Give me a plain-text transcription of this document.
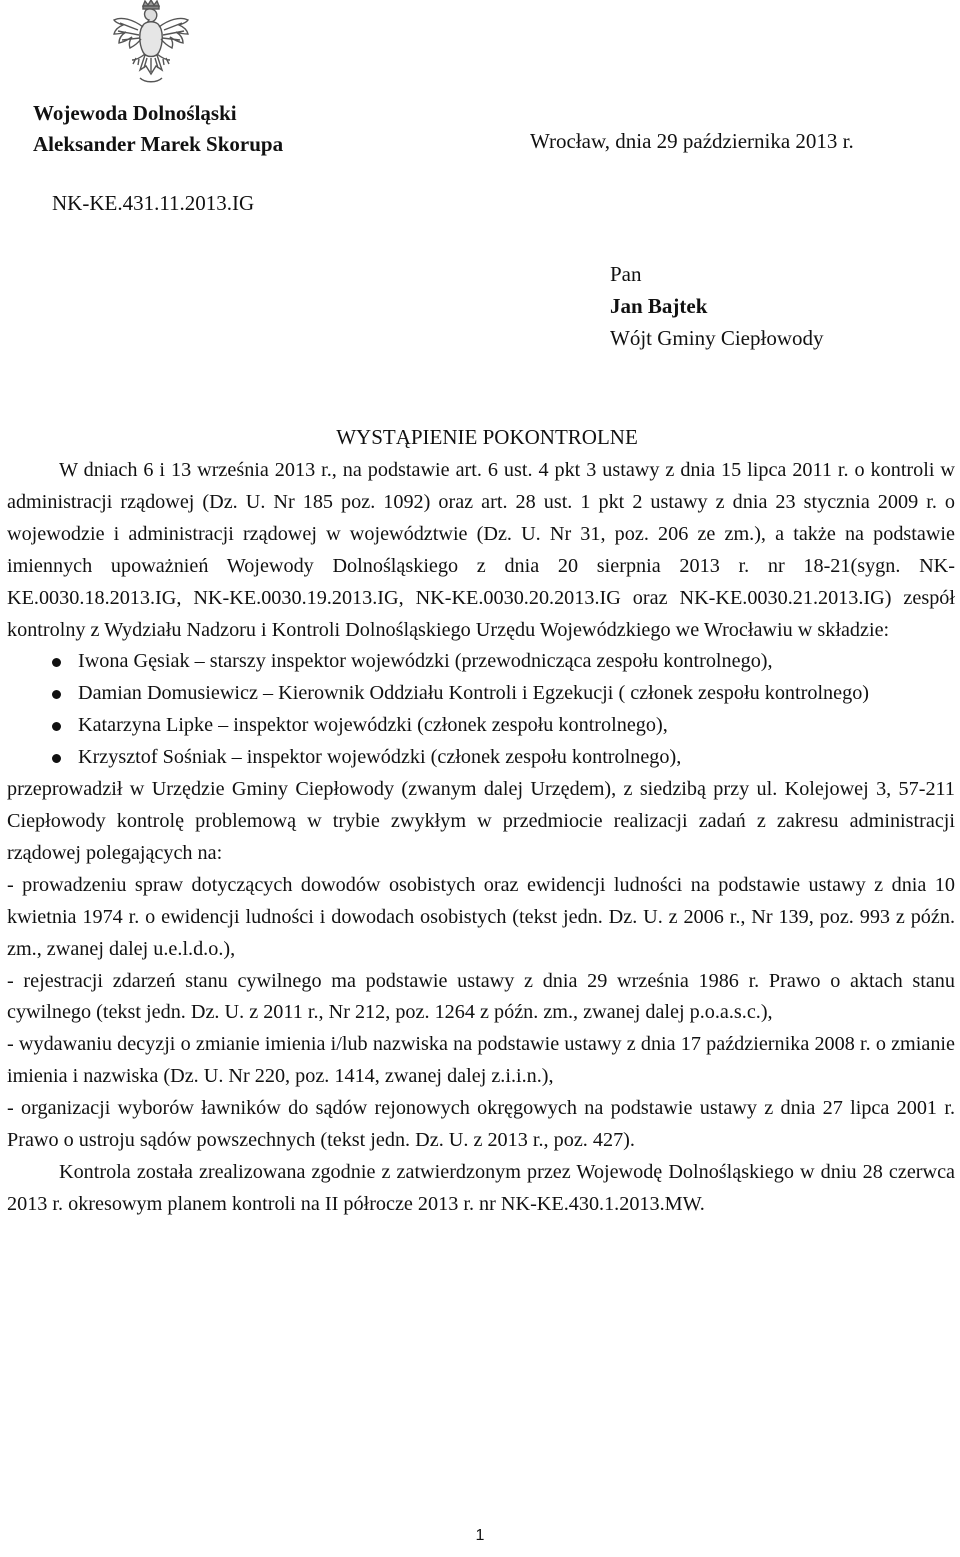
Wojewoda Dolnośląski
Aleksander Marek Skorupa	Wrocław, dnia 29 października 2013 r.
NK-KE.431.11.2013.IG
Pan
Jan Bajtek
Wójt Gminy Ciepłowody
WYSTĄPIENIE POKONTROLNE

W dniach 6 i 13 września 2013 r., na podstawie art. 6 ust. 4 pkt 3 ustawy z dnia 15 lipca 2011 r. o kontroli w administracji rządowej (Dz. U. Nr 185 poz. 1092) oraz art. 28 ust. 1 pkt 2 ustawy z dnia 23 stycznia 2009 r. o wojewodzie i administracji rządowej w województwie (Dz. U. Nr 31, poz. 206 ze zm.), a także na podstawie imiennych upoważnień Wojewody Dolnośląskiego z dnia 20 sierpnia 2013 r. nr 18-21(sygn. NK-KE.0030.18.2013.IG, NK-KE.0030.19.2013.IG, NK-KE.0030.20.2013.IG oraz NK-KE.0030.21.2013.IG) zespół kontrolny z Wydziału Nadzoru i Kontroli Dolnośląskiego Urzędu Wojewódzkiego we Wrocławiu w składzie:

Iwona Gęsiak – starszy inspektor wojewódzki (przewodnicząca zespołu kontrolnego),
Damian Domusiewicz – Kierownik Oddziału Kontroli i Egzekucji ( członek zespołu kontrolnego)
Katarzyna Lipke – inspektor wojewódzki (członek zespołu kontrolnego),
Krzysztof Sośniak – inspektor wojewódzki (członek zespołu kontrolnego),

przeprowadził w Urzędzie Gminy Ciepłowody (zwanym dalej Urzędem), z siedzibą przy ul. Kolejowej 3, 57-211 Ciepłowody kontrolę problemową w trybie zwykłym w przedmiocie realizacji zadań z zakresu administracji rządowej polegających na:

- prowadzeniu spraw dotyczących dowodów osobistych oraz ewidencji ludności na podstawie ustawy z dnia 10 kwietnia 1974 r. o ewidencji ludności i dowodach osobistych (tekst jedn. Dz. U. z 2006 r., Nr 139, poz. 993 z późn. zm., zwanej dalej u.e.l.d.o.),

- rejestracji zdarzeń stanu cywilnego ma podstawie ustawy z dnia 29 września 1986 r. Prawo o aktach stanu cywilnego (tekst jedn. Dz. U. z 2011 r., Nr 212, poz. 1264 z późn. zm., zwanej dalej p.o.a.s.c.),

- wydawaniu decyzji o zmianie imienia i/lub nazwiska na podstawie ustawy z dnia 17 października 2008 r. o zmianie imienia i nazwiska (Dz. U. Nr 220, poz. 1414, zwanej dalej z.i.i.n.),

- organizacji wyborów ławników do sądów rejonowych okręgowych na podstawie ustawy z dnia 27 lipca 2001 r. Prawo o ustroju sądów powszechnych (tekst jedn. Dz. U. z 2013 r., poz. 427).

Kontrola została zrealizowana zgodnie z zatwierdzonym przez Wojewodę Dolnośląskiego w dniu 28 czerwca 2013 r. okresowym planem kontroli na II półrocze 2013 r. nr NK-KE.430.1.2013.MW.

1
